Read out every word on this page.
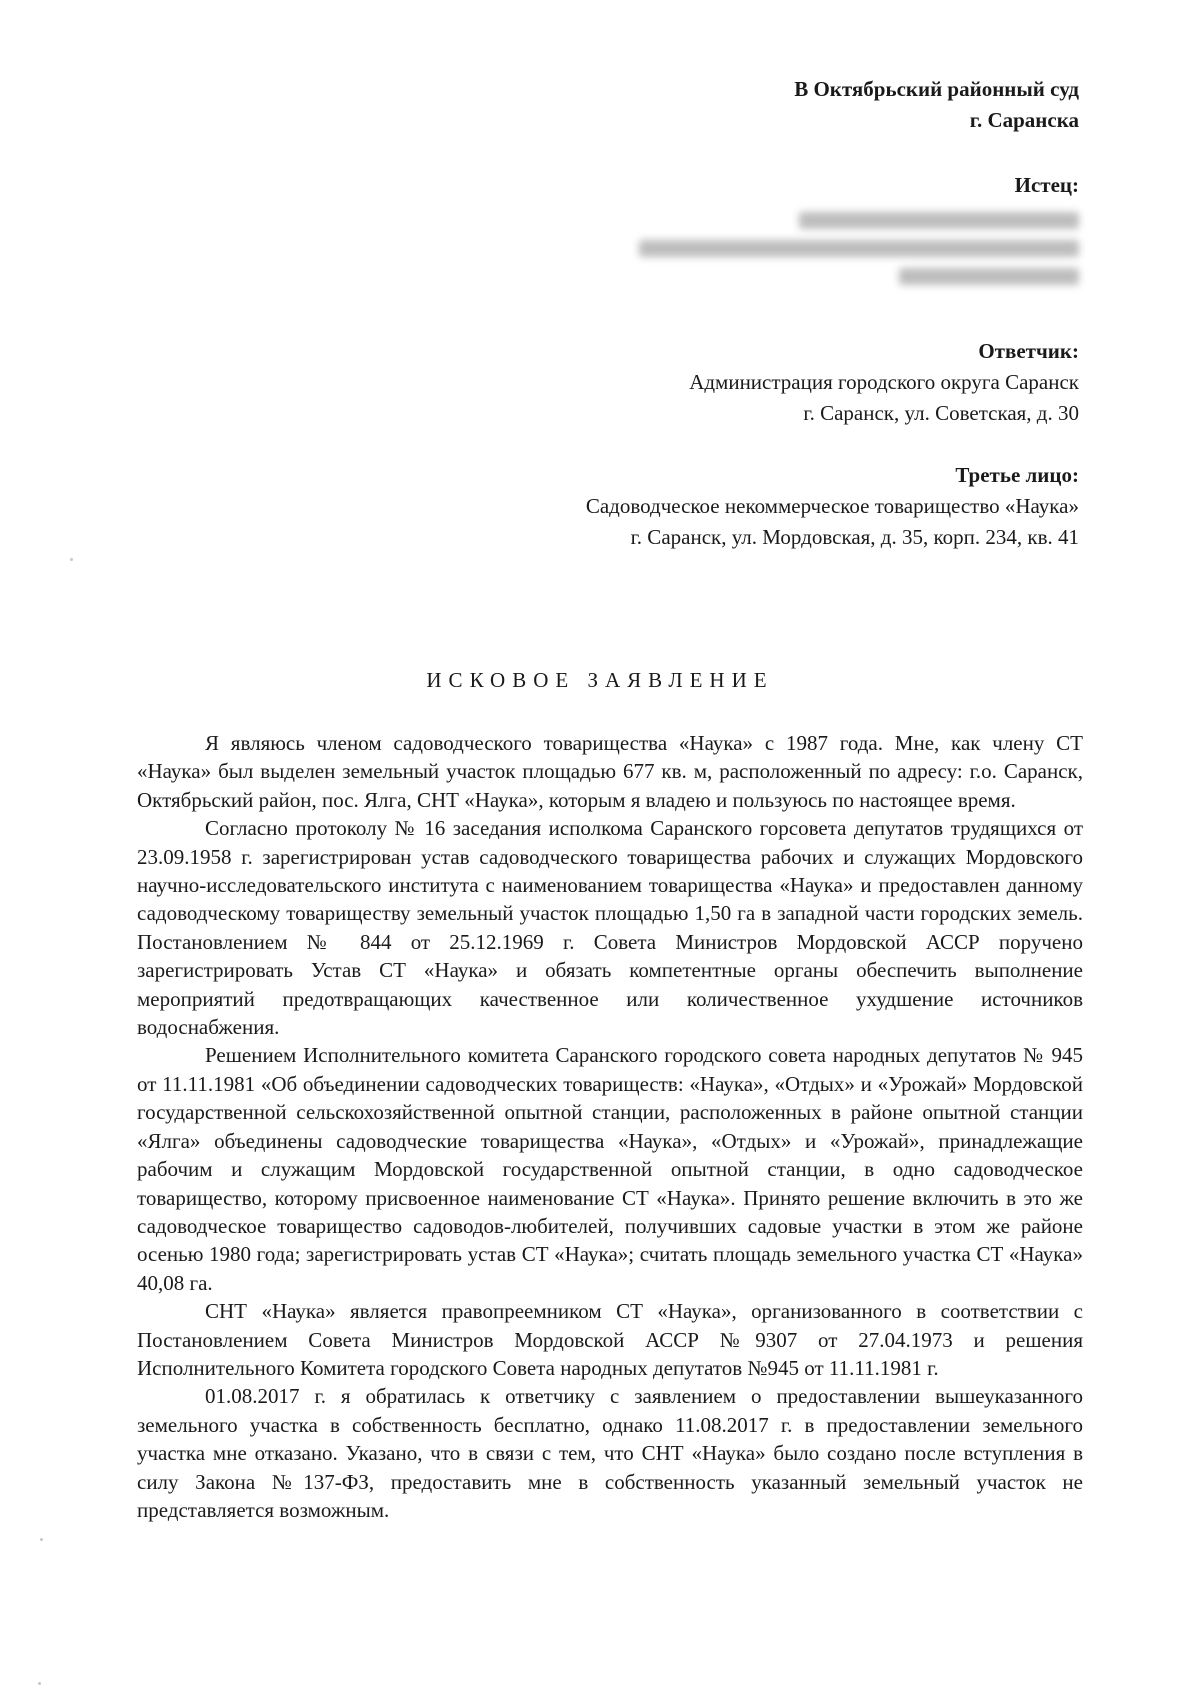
В Октябрьский районный суд
г. Саранска
Истец:
Ответчик:
Администрация городского округа Саранск
г. Саранск, ул. Советская, д. 30
Третье лицо:
Садоводческое некоммерческое товарищество «Наука»
г. Саранск, ул. Мордовская, д. 35, корп. 234, кв. 41
ИСКОВОЕ ЗАЯВЛЕНИЕ

Я являюсь членом садоводческого товарищества «Наука» с 1987 года. Мне, как члену СТ «Наука» был выделен земельный участок площадью 677 кв. м, расположенный по адресу: г.о. Саранск, Октябрьский район, пос. Ялга, СНТ «Наука», которым я владею и пользуюсь по настоящее время.

Согласно протоколу № 16 заседания исполкома Саранского горсовета депутатов трудящихся от 23.09.1958 г. зарегистрирован устав садоводческого товарищества рабочих и служащих Мордовского научно-исследовательского института с наименованием товарищества «Наука» и предоставлен данному садоводческому товариществу земельный участок площадью 1,50 га в западной части городских земель. Постановлением № 844 от 25.12.1969 г. Совета Министров Мордовской АССР поручено зарегистрировать Устав СТ «Наука» и обязать компетентные органы обеспечить выполнение мероприятий предотвращающих качественное или количественное ухудшение источников водоснабжения.

Решением Исполнительного комитета Саранского городского совета народных депутатов № 945 от 11.11.1981 «Об объединении садоводческих товариществ: «Наука», «Отдых» и «Урожай» Мордовской государственной сельскохозяйственной опытной станции, расположенных в районе опытной станции «Ялга» объединены садоводческие товарищества «Наука», «Отдых» и «Урожай», принадлежащие рабочим и служащим Мордовской государственной опытной станции, в одно садоводческое товарищество, которому присвоенное наименование СТ «Наука». Принято решение включить в это же садоводческое товарищество садоводов-любителей, получивших садовые участки в этом же районе осенью 1980 года; зарегистрировать устав СТ «Наука»; считать площадь земельного участка СТ «Наука» 40,08 га.

СНТ «Наука» является правопреемником СТ «Наука», организованного в соответствии с Постановлением Совета Министров Мордовской АССР №9307 от 27.04.1973 и решения Исполнительного Комитета городского Совета народных депутатов №945 от 11.11.1981 г.

01.08.2017 г. я обратилась к ответчику с заявлением о предоставлении вышеуказанного земельного участка в собственность бесплатно, однако 11.08.2017 г. в предоставлении земельного участка мне отказано. Указано, что в связи с тем, что СНТ «Наука» было создано после вступления в силу Закона №137-ФЗ, предоставить мне в собственность указанный земельный участок не представляется возможным.
